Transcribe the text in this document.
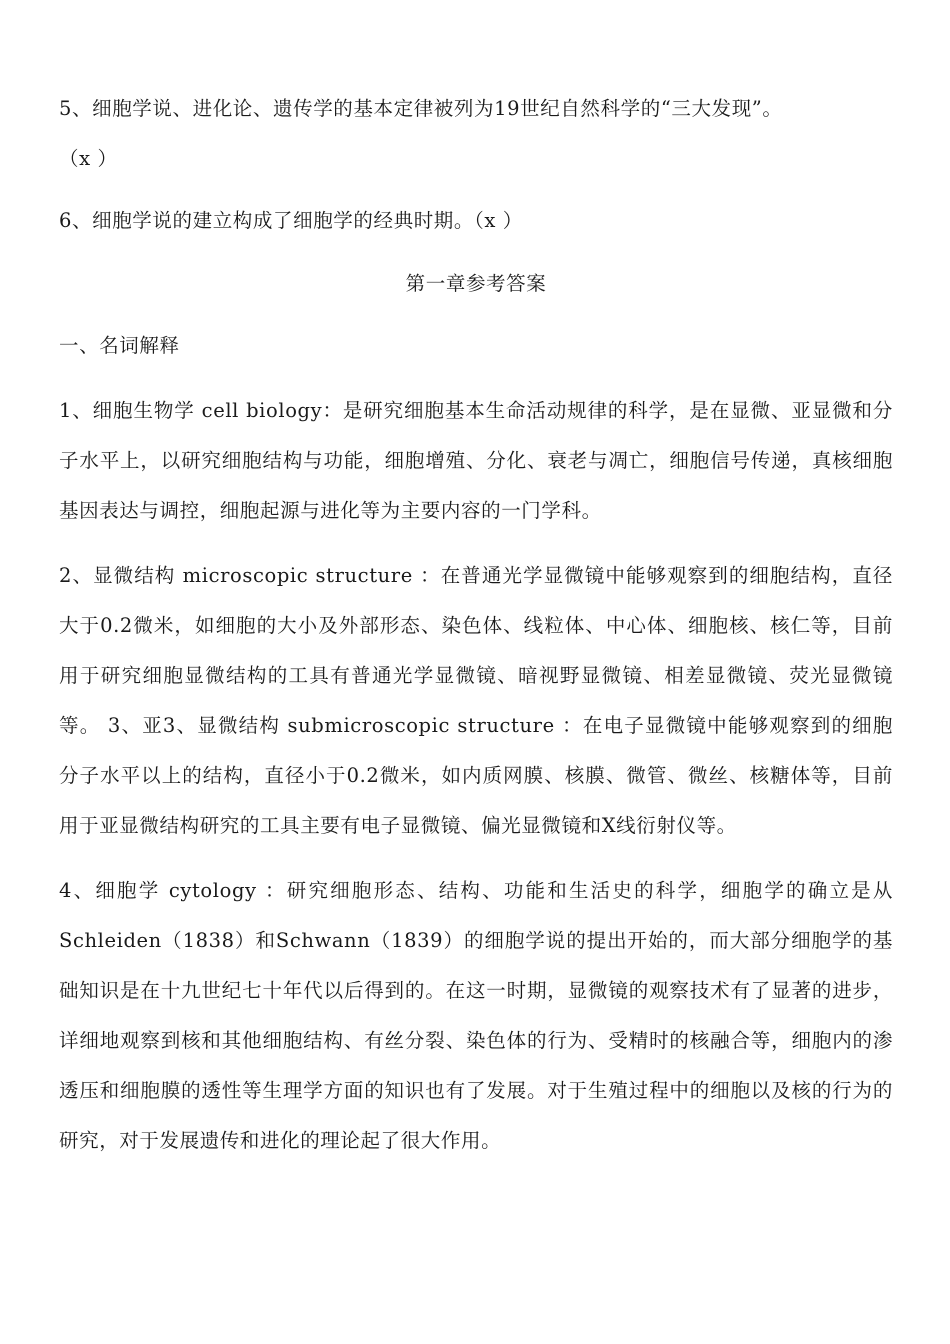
5、细胞学说、进化论、遗传学的基本定律被列为19世纪自然科学的“三大发现”。

（x ）

6、细胞学说的建立构成了细胞学的经典时期。（x ）

第一章参考答案

一、名词解释

1、细胞生物学 cell biology：是研究细胞基本生命活动规律的科学，是在显微、亚显微和分子水平上，以研究细胞结构与功能，细胞增殖、分化、衰老与凋亡，细胞信号传递，真核细胞基因表达与调控，细胞起源与进化等为主要内容的一门学科。

2、显微结构 microscopic structure ：在普通光学显微镜中能够观察到的细胞结构，直径大于0.2微米，如细胞的大小及外部形态、染色体、线粒体、中心体、细胞核、核仁等，目前用于研究细胞显微结构的工具有普通光学显微镜、暗视野显微镜、相差显微镜、荧光显微镜等。 3、亚3、显微结构 submicroscopic structure ：在电子显微镜中能够观察到的细胞分子水平以上的结构，直径小于0.2微米，如内质网膜、核膜、微管、微丝、核糖体等，目前用于亚显微结构研究的工具主要有电子显微镜、偏光显微镜和X线衍射仪等。

4、细胞学 cytology ：研究细胞形态、结构、功能和生活史的科学，细胞学的确立是从Schleiden（1838）和Schwann（1839）的细胞学说的提出开始的，而大部分细胞学的基础知识是在十九世纪七十年代以后得到的。在这一时期，显微镜的观察技术有了显著的进步，详细地观察到核和其他细胞结构、有丝分裂、染色体的行为、受精时的核融合等，细胞内的渗透压和细胞膜的透性等生理学方面的知识也有了发展。对于生殖过程中的细胞以及核的行为的研究，对于发展遗传和进化的理论起了很大作用。
